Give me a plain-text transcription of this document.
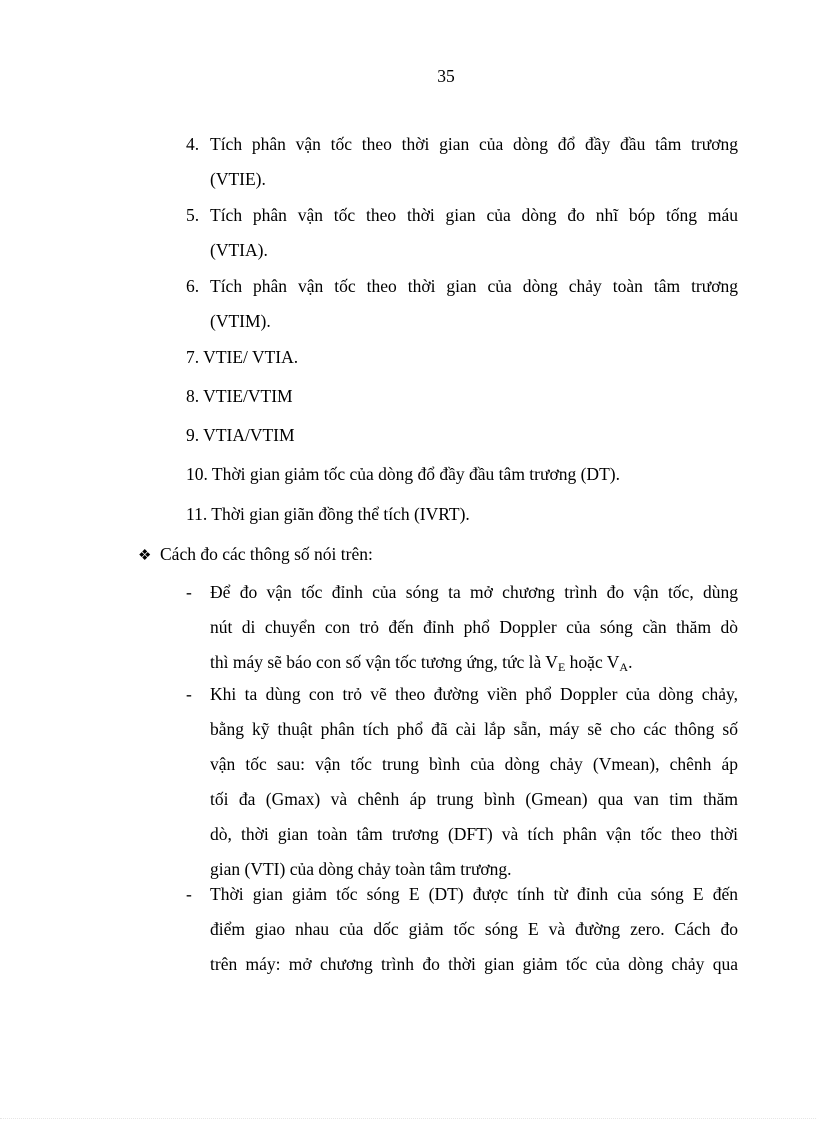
35
4. Tích phân vận tốc theo thời gian của dòng đổ đầy đầu tâm trương
(VTIE).
5. Tích phân vận tốc theo thời gian của dòng đo nhĩ bóp tống máu
(VTIA).
6. Tích phân vận tốc theo thời gian của dòng chảy toàn tâm trương
(VTIM).
7. VTIE/ VTIA.
8. VTIE/VTIM
9. VTIA/VTIM
10. Thời gian giảm tốc của dòng đổ đầy đầu tâm trương (DT).
11. Thời gian giãn đồng thể tích (IVRT).
❖ Cách đo các thông số nói trên:
-	Để đo vận tốc đỉnh của sóng ta mở chương trình đo vận tốc, dùng
nút di chuyển con trỏ đến đỉnh phổ Doppler của sóng cần thăm dò
thì máy sẽ báo con số vận tốc tương ứng, tức là $V_E$ hoặc $V_A$.
-	Khi ta dùng con trỏ vẽ theo đường viền phổ Doppler của dòng chảy,
bằng kỹ thuật phân tích phổ đã cài lắp sẵn, máy sẽ cho các thông số
vận tốc sau: vận tốc trung bình của dòng chảy (Vmean), chênh áp
tối đa (Gmax) và chênh áp trung bình (Gmean) qua van tim thăm
dò, thời gian toàn tâm trương (DFT) và tích phân vận tốc theo thời
gian (VTI) của dòng chảy toàn tâm trương.
-	Thời gian giảm tốc sóng E (DT) được tính từ đỉnh của sóng E đến
điểm giao nhau của dốc giảm tốc sóng E và đường zero. Cách đo
trên máy: mở chương trình đo thời gian giảm tốc của dòng chảy qua
